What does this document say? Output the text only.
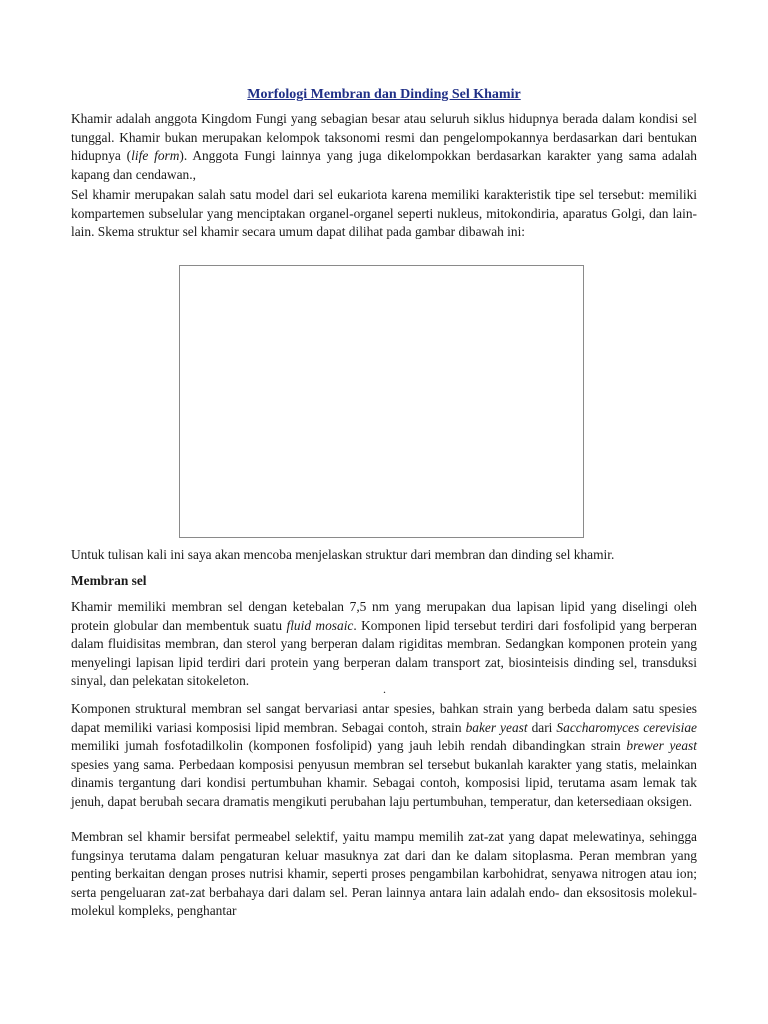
Morfologi Membran dan Dinding Sel Khamir

Khamir adalah anggota Kingdom Fungi yang sebagian besar atau seluruh siklus hidupnya berada dalam kondisi sel tunggal. Khamir bukan merupakan kelompok taksonomi resmi dan pengelompokannya berdasarkan dari bentukan hidupnya (life form). Anggota Fungi lainnya yang juga dikelompokkan berdasarkan karakter yang sama adalah kapang dan cendawan.,

Sel khamir merupakan salah satu model dari sel eukariota karena memiliki karakteristik tipe sel tersebut: memiliki kompartemen subselular yang menciptakan organel-organel seperti nukleus, mitokondiria, aparatus Golgi, dan lain-lain. Skema struktur sel khamir secara umum dapat dilihat pada gambar dibawah ini:

Untuk tulisan kali ini saya akan mencoba menjelaskan struktur dari membran dan dinding sel khamir.

Membran sel

Khamir memiliki membran sel dengan ketebalan 7,5 nm yang merupakan dua lapisan lipid yang diselingi oleh protein globular dan membentuk suatu fluid mosaic. Komponen lipid tersebut terdiri dari fosfolipid yang berperan dalam fluidisitas membran, dan sterol yang berperan dalam rigiditas membran. Sedangkan komponen protein yang menyelingi lapisan lipid terdiri dari protein yang berperan dalam transport zat, biosinteisis dinding sel, transduksi sinyal, dan pelekatan sitokeleton.

.

Komponen struktural membran sel sangat bervariasi antar spesies, bahkan strain yang berbeda dalam satu spesies dapat memiliki variasi komposisi lipid membran. Sebagai contoh, strain baker yeast dari Saccharomyces cerevisiae memiliki jumah fosfotadilkolin (komponen fosfolipid) yang jauh lebih rendah dibandingkan strain brewer yeast spesies yang sama. Perbedaan komposisi penyusun membran sel tersebut bukanlah karakter yang statis, melainkan dinamis tergantung dari kondisi pertumbuhan khamir. Sebagai contoh, komposisi lipid, terutama asam lemak tak jenuh, dapat berubah secara dramatis mengikuti perubahan laju pertumbuhan, temperatur, dan ketersediaan oksigen.

Membran sel khamir bersifat permeabel selektif, yaitu mampu memilih zat-zat yang dapat melewatinya, sehingga fungsinya terutama dalam pengaturan keluar masuknya zat dari dan ke dalam sitoplasma. Peran membran yang penting berkaitan dengan proses nutrisi khamir, seperti proses pengambilan karbohidrat, senyawa nitrogen atau ion; serta pengeluaran zat-zat berbahaya dari dalam sel. Peran lainnya antara lain adalah endo- dan eksositosis molekul-molekul kompleks, penghantar
